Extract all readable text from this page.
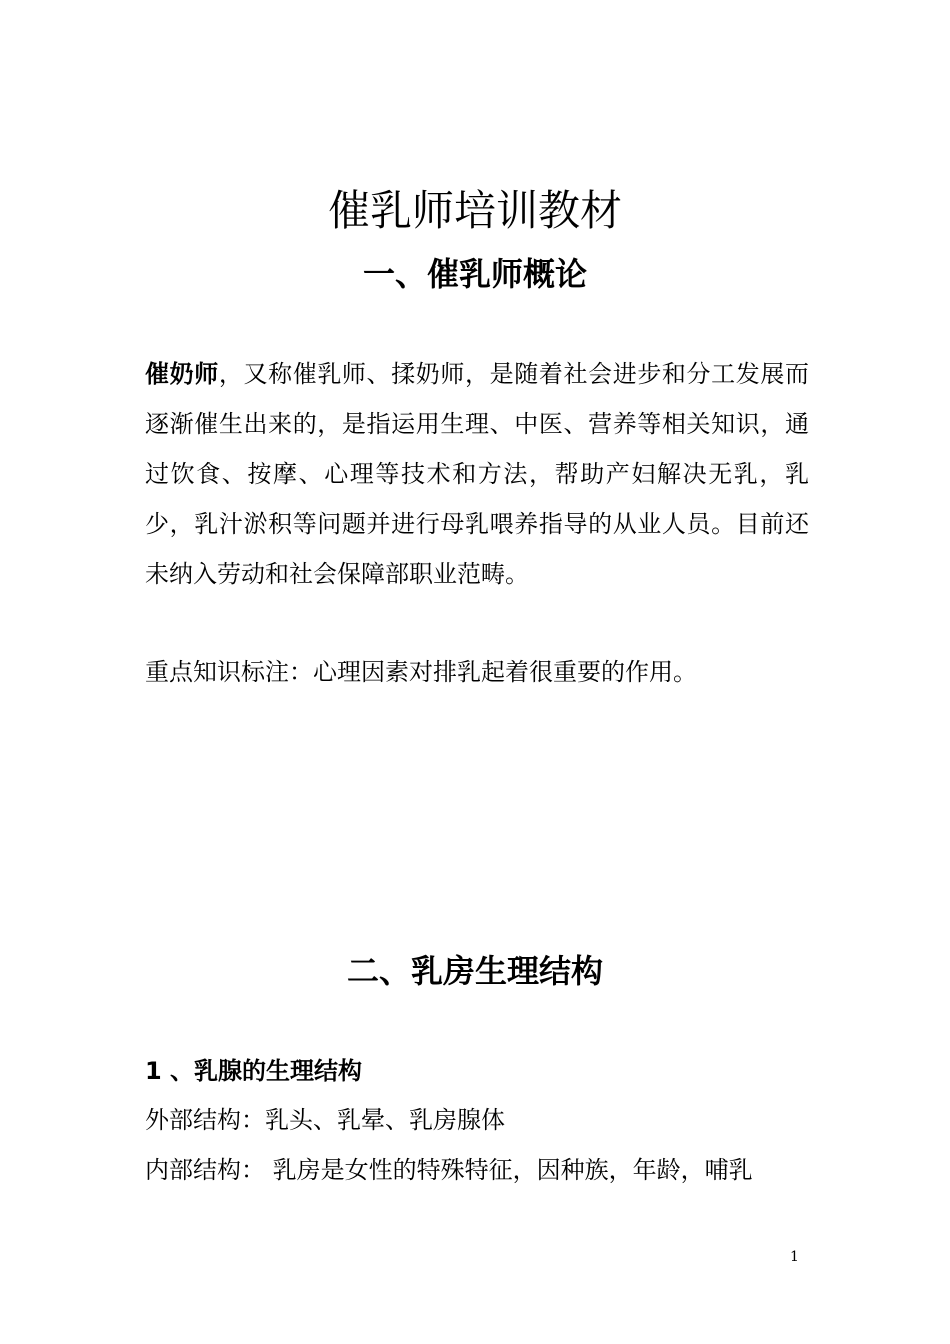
催乳师培训教材
一、催乳师概论

催奶师，又称催乳师、揉奶师，是随着社会进步和分工发展而逐渐催生出来的，是指运用生理、中医、营养等相关知识，通过饮食、按摩、心理等技术和方法，帮助产妇解决无乳，乳少，乳汁淤积等问题并进行母乳喂养指导的从业人员。目前还未纳入劳动和社会保障部职业范畴。

重点知识标注：心理因素对排乳起着很重要的作用。

二、乳房生理结构

1 、乳腺的生理结构

外部结构：乳头、乳晕、乳房腺体

内部结构： 乳房是女性的特殊特征，因种族，年龄，哺乳

1
